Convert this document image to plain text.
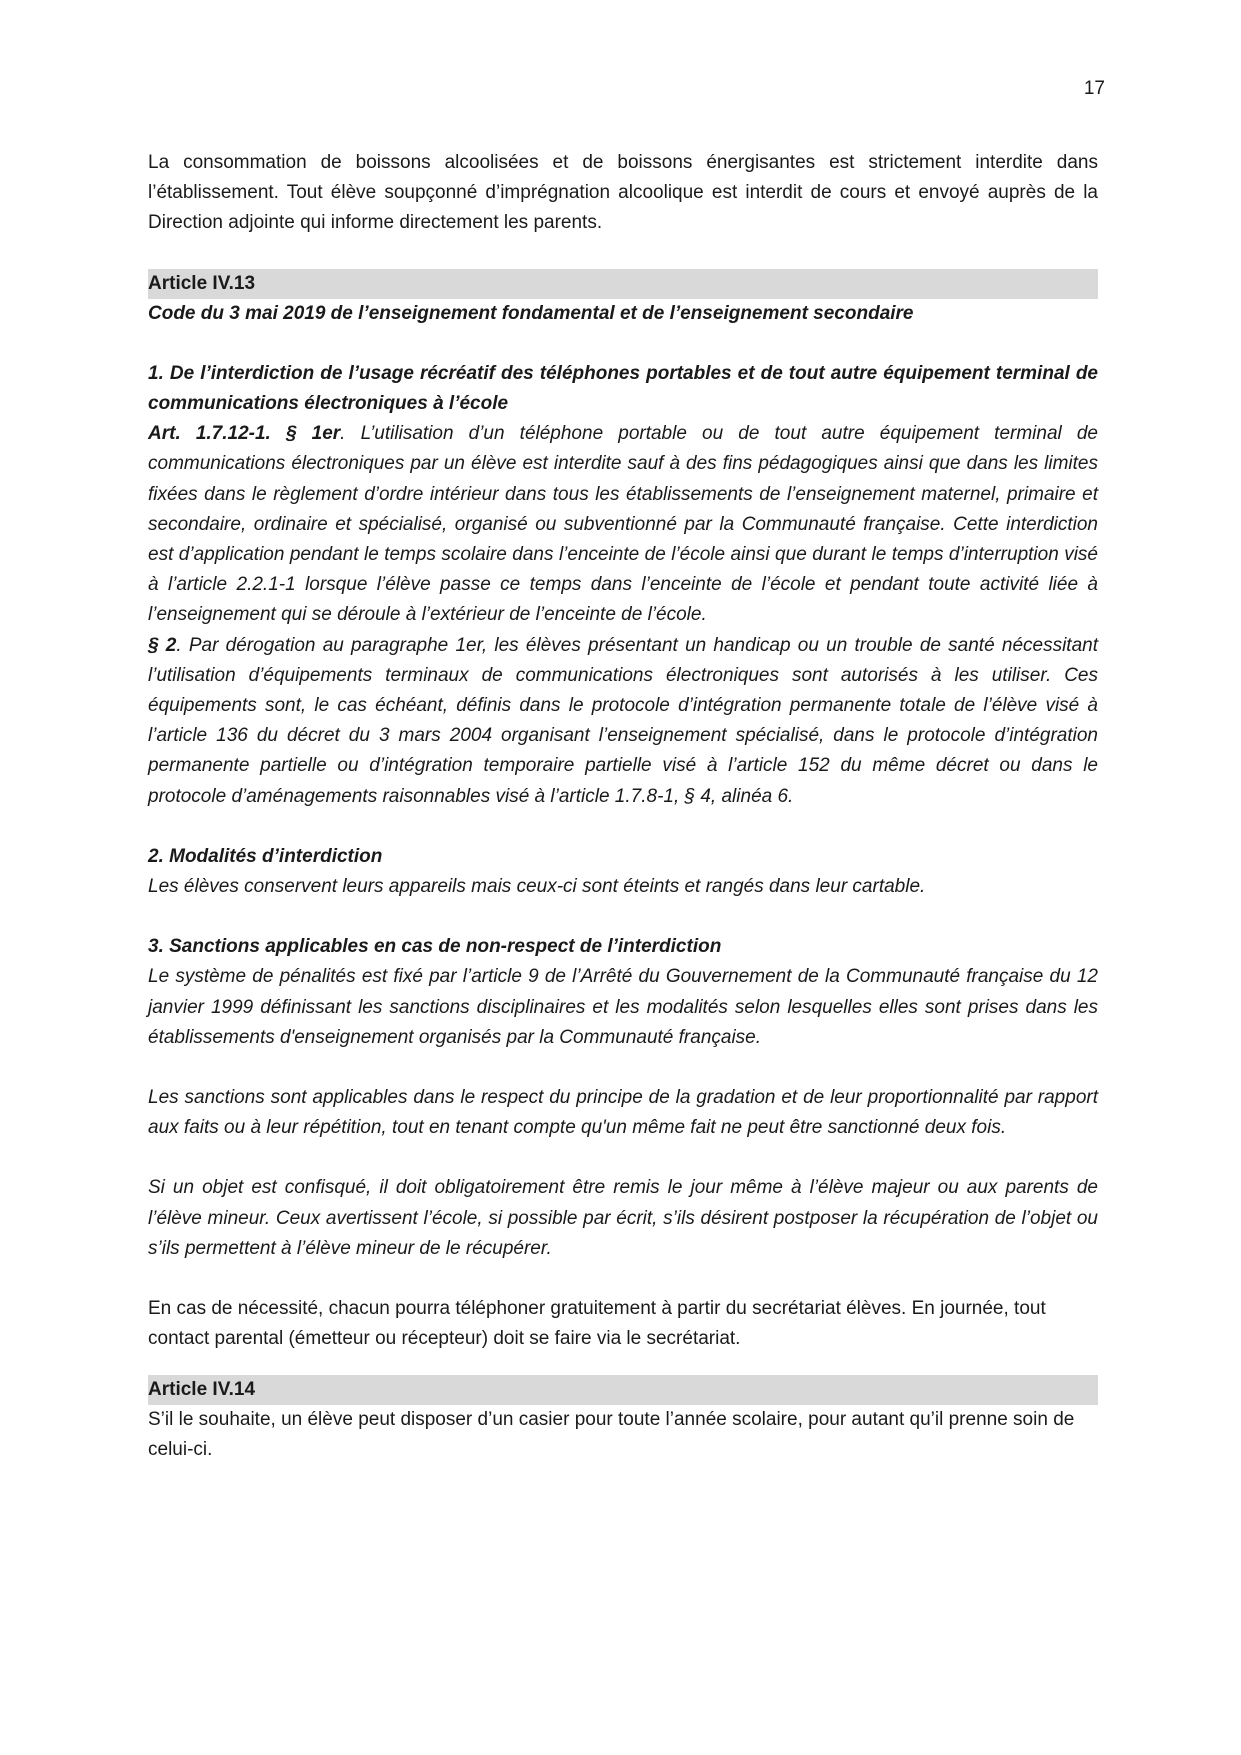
17

La consommation de boissons alcoolisées et de boissons énergisantes est strictement interdite dans l’établissement. Tout élève soupçonné d’imprégnation alcoolique est interdit de cours et envoyé auprès de la Direction adjointe qui informe directement les parents.

Article IV.13

Code du 3 mai 2019 de l’enseignement fondamental et de l’enseignement secondaire

1. De l’interdiction de l’usage récréatif des téléphones portables et de tout autre équipement terminal de communications électroniques à l’école

Art. 1.7.12-1. § 1er. L’utilisation d’un téléphone portable ou de tout autre équipement terminal de communications électroniques par un élève est interdite sauf à des fins pédagogiques ainsi que dans les limites fixées dans le règlement d’ordre intérieur dans tous les établissements de l’enseignement maternel, primaire et secondaire, ordinaire et spécialisé, organisé ou subventionné par la Communauté française. Cette interdiction est d’application pendant le temps scolaire dans l’enceinte de l’école ainsi que durant le temps d’interruption visé à l’article 2.2.1-1 lorsque l’élève passe ce temps dans l’enceinte de l’école et pendant toute activité liée à l’enseignement qui se déroule à l’extérieur de l’enceinte de l’école.

§ 2. Par dérogation au paragraphe 1er, les élèves présentant un handicap ou un trouble de santé nécessitant l’utilisation d’équipements terminaux de communications électroniques sont autorisés à les utiliser. Ces équipements sont, le cas échéant, définis dans le protocole d’intégration permanente totale de l’élève visé à l’article 136 du décret du 3 mars 2004 organisant l’enseignement spécialisé, dans le protocole d’intégration permanente partielle ou d’intégration temporaire partielle visé à l’article 152 du même décret ou dans le protocole d’aménagements raisonnables visé à l’article 1.7.8-1, § 4, alinéa 6.

2. Modalités d’interdiction

Les élèves conservent leurs appareils mais ceux-ci sont éteints et rangés dans leur cartable.

3. Sanctions applicables en cas de non-respect de l’interdiction

Le système de pénalités est fixé par l’article 9 de l’Arrêté du Gouvernement de la Communauté française du 12 janvier 1999 définissant les sanctions disciplinaires et les modalités selon lesquelles elles sont prises dans les établissements d'enseignement organisés par la Communauté française.

Les sanctions sont applicables dans le respect du principe de la gradation et de leur proportionnalité par rapport aux faits ou à leur répétition, tout en tenant compte qu'un même fait ne peut être sanctionné deux fois.

Si un objet est confisqué, il doit obligatoirement être remis le jour même à l’élève majeur ou aux parents de l’élève mineur. Ceux avertissent l’école, si possible par écrit, s’ils désirent postposer la récupération de l’objet ou s’ils permettent à l’élève mineur de le récupérer.

En cas de nécessité, chacun pourra téléphoner gratuitement à partir du secrétariat élèves. En journée, tout contact parental (émetteur ou récepteur) doit se faire via le secrétariat.

Article IV.14

S’il le souhaite, un élève peut disposer d’un casier pour toute l’année scolaire, pour autant qu’il prenne soin de celui-ci.
